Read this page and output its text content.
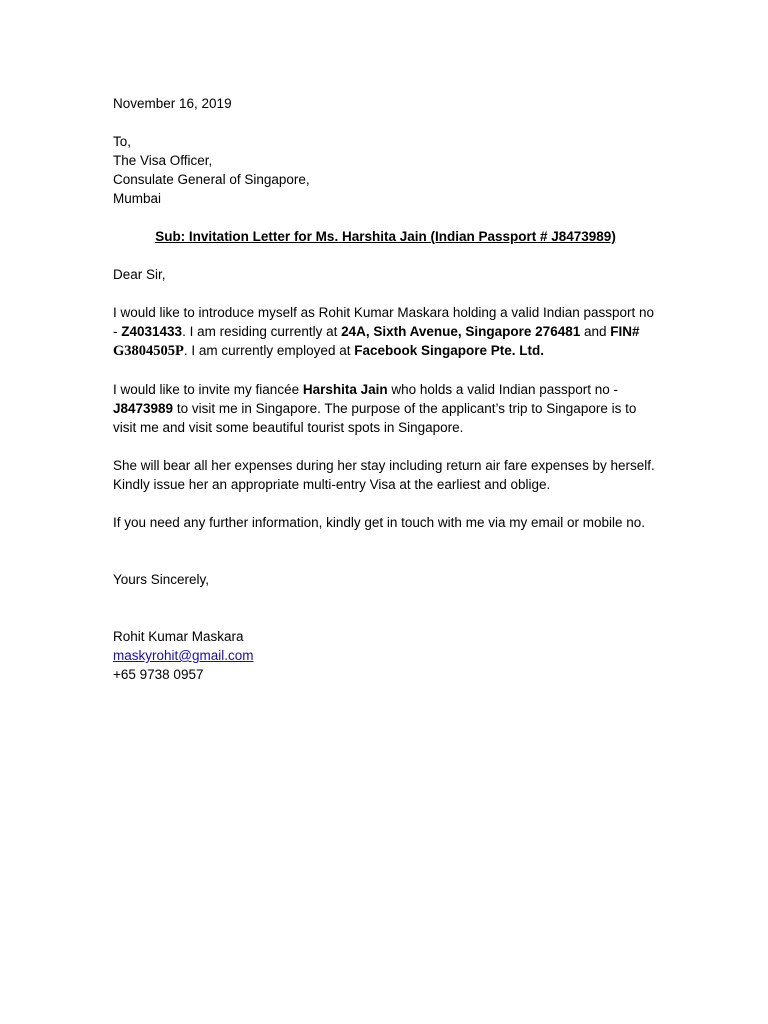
November 16, 2019

To,

The Visa Officer,

Consulate General of Singapore,

Mumbai

Sub: Invitation Letter for Ms. Harshita Jain (Indian Passport # J8473989)

Dear Sir,

I would like to introduce myself as Rohit Kumar Maskara holding a valid Indian passport no - Z4031433. I am residing currently at 24A, Sixth Avenue, Singapore 276481 and FIN# G3804505P. I am currently employed at Facebook Singapore Pte. Ltd.

I would like to invite my fiancée Harshita Jain who holds a valid Indian passport no -J8473989 to visit me in Singapore. The purpose of the applicant’s trip to Singapore is to visit me and visit some beautiful tourist spots in Singapore.

She will bear all her expenses during her stay including return air fare expenses by herself.

Kindly issue her an appropriate multi-entry Visa at the earliest and oblige.

If you need any further information, kindly get in touch with me via my email or mobile no.

Yours Sincerely,

Rohit Kumar Maskara

maskyrohit@gmail.com

+65 9738 0957
